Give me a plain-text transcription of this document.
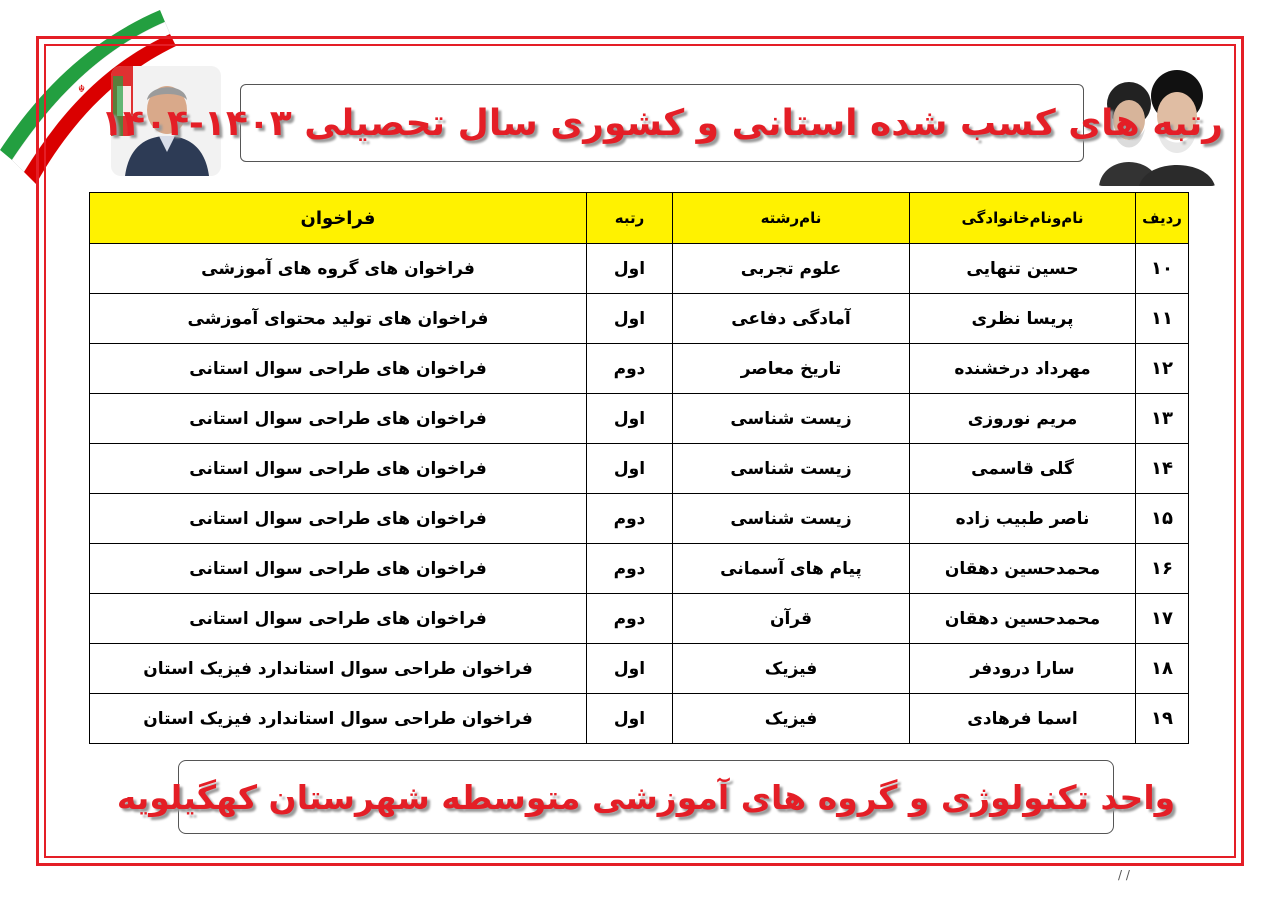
☬
رتبه های کسب شده استانی و کشوری سال تحصیلی ۱۴۰۳-۱۴۰۴
ردیف	نام‌و‌نام‌خانوادگی	نام‌رشته	رتبه	فراخوان
۱۰	حسین تنهایی	علوم تجربی	اول	فراخوان های گروه های آموزشی
۱۱	پریسا نظری	آمادگی دفاعی	اول	فراخوان های تولید محتوای آموزشی
۱۲	مهرداد درخشنده	تاریخ معاصر	دوم	فراخوان های طراحی سوال استانی
۱۳	مریم نوروزی	زیست شناسی	اول	فراخوان های طراحی سوال استانی
۱۴	گلی قاسمی	زیست شناسی	اول	فراخوان های طراحی سوال استانی
۱۵	ناصر طبیب زاده	زیست شناسی	دوم	فراخوان های طراحی سوال استانی
۱۶	محمدحسین دهقان	پیام های آسمانی	دوم	فراخوان های طراحی سوال استانی
۱۷	محمدحسین دهقان	قرآن	دوم	فراخوان های طراحی سوال استانی
۱۸	سارا درودفر	فیزیک	اول	فراخوان طراحی سوال استاندارد فیزیک استان
۱۹	اسما فرهادی	فیزیک	اول	فراخوان طراحی سوال استاندارد فیزیک استان
واحد تکنولوژی و گروه های آموزشی متوسطه شهرستان کهگیلویه
/ /
